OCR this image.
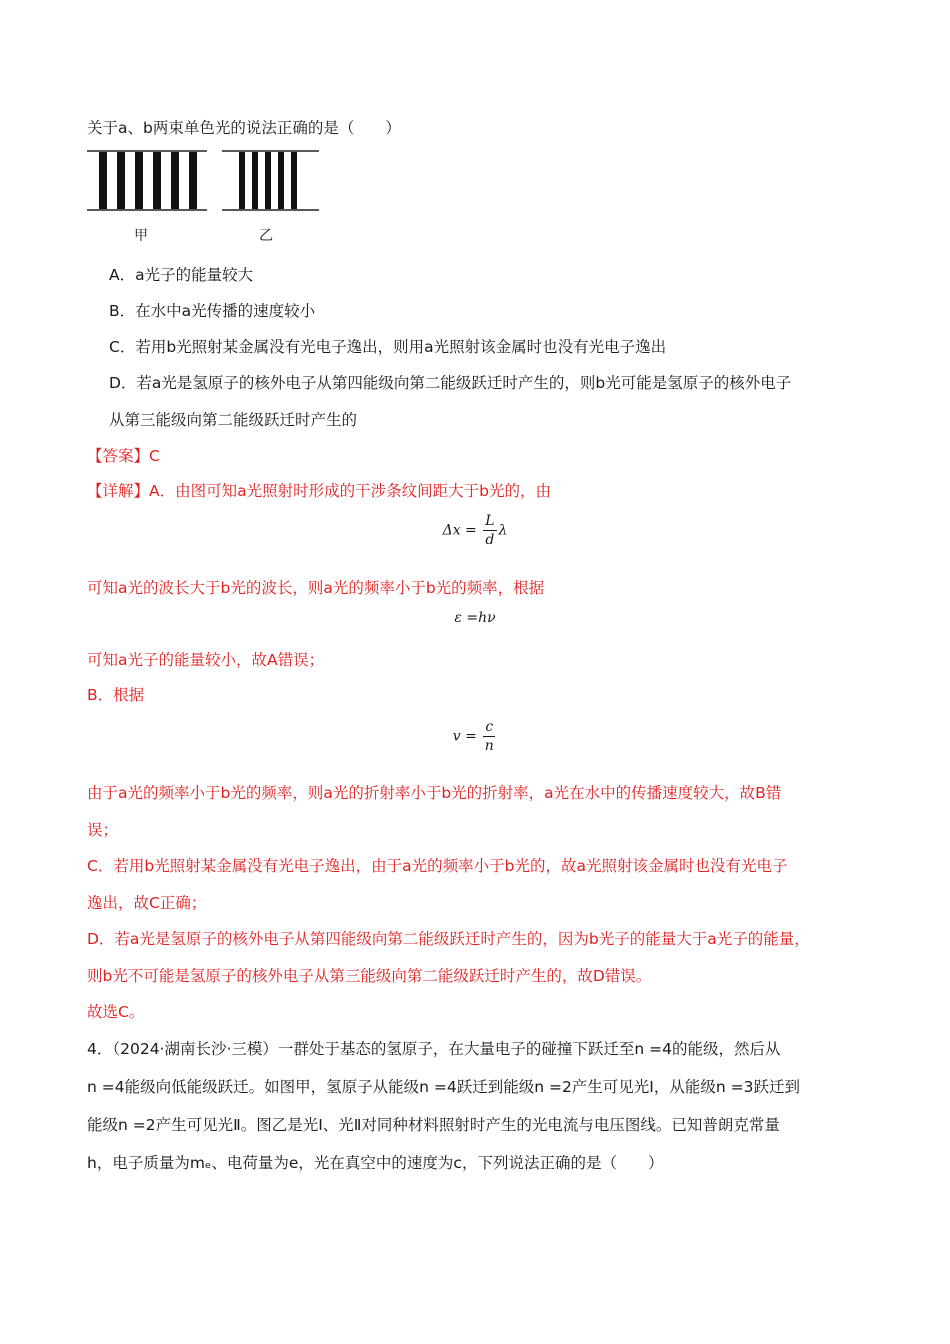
关于a、b两束单色光的说法正确的是（　　）
甲	乙
A．a光子的能量较大
B．在水中a光传播的速度较小
C．若用b光照射某金属没有光电子逸出，则用a光照射该金属时也没有光电子逸出
D．若a光是氢原子的核外电子从第四能级向第二能级跃迁时产生的，则b光可能是氢原子的核外电子
从第三能级向第二能级跃迁时产生的
【答案】C
【详解】A．由图可知a光照射时形成的干涉条纹间距大于b光的，由
$\Delta x = \frac{L}{d}$ λ
可知a光的波长大于b光的波长，则a光的频率小于b光的频率，根据
ε =hν
可知a光子的能量较小，故A错误；
B．根据
$v = \frac{c}{n}$
由于a光的频率小于b光的频率，则a光的折射率小于b光的折射率，a光在水中的传播速度较大，故B错
误；
C．若用b光照射某金属没有光电子逸出，由于a光的频率小于b光的，故a光照射该金属时也没有光电子
逸出，故C正确；
D．若a光是氢原子的核外电子从第四能级向第二能级跃迁时产生的，因为b光子的能量大于a光子的能量，
则b光不可能是氢原子的核外电子从第三能级向第二能级跃迁时产生的，故D错误。
故选C。
4．（2024·湖南长沙·三模）一群处于基态的氢原子，在大量电子的碰撞下跃迁至n =4的能级，然后从
n =4能级向低能级跃迁。如图甲，氢原子从能级n =4跃迁到能级n =2产生可见光Ⅰ，从能级n =3跃迁到
能级n =2产生可见光Ⅱ。图乙是光Ⅰ、光Ⅱ对同种材料照射时产生的光电流与电压图线。已知普朗克常量
h，电子质量为mₑ、电荷量为e，光在真空中的速度为c，下列说法正确的是（　　）
